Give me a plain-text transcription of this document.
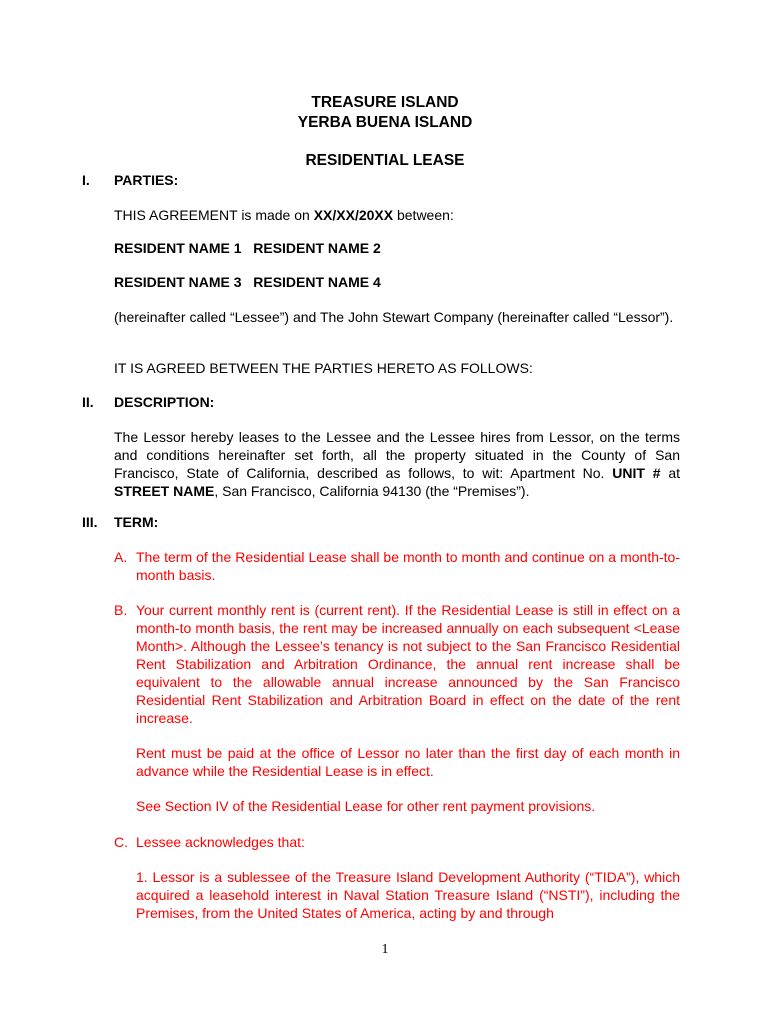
TREASURE ISLAND
YERBA BUENA ISLAND
RESIDENTIAL LEASE
I. PARTIES:
THIS AGREEMENT is made on XX/XX/20XX between:
RESIDENT NAME 1   RESIDENT NAME 2
RESIDENT NAME 3   RESIDENT NAME 4
(hereinafter called “Lessee”) and The John Stewart Company (hereinafter called “Lessor”).
IT IS AGREED BETWEEN THE PARTIES HERETO AS FOLLOWS:
II. DESCRIPTION:
The Lessor hereby leases to the Lessee and the Lessee hires from Lessor, on the terms and conditions hereinafter set forth, all the property situated in the County of San Francisco, State of California, described as follows, to wit: Apartment No. UNIT # at STREET NAME, San Francisco, California 94130 (the “Premises”).
III. TERM:
A. The term of the Residential Lease shall be month to month and continue on a month-to-month basis.
B. Your current monthly rent is (current rent). If the Residential Lease is still in effect on a month-to month basis, the rent may be increased annually on each subsequent <Lease Month>. Although the Lessee’s tenancy is not subject to the San Francisco Residential Rent Stabilization and Arbitration Ordinance, the annual rent increase shall be equivalent to the allowable annual increase announced by the San Francisco Residential Rent Stabilization and Arbitration Board in effect on the date of the rent increase.
Rent must be paid at the office of Lessor no later than the first day of each month in advance while the Residential Lease is in effect.
See Section IV of the Residential Lease for other rent payment provisions.
C. Lessee acknowledges that:
1. Lessor is a sublessee of the Treasure Island Development Authority (“TIDA”), which acquired a leasehold interest in Naval Station Treasure Island (“NSTI”), including the Premises, from the United States of America, acting by and through
1
